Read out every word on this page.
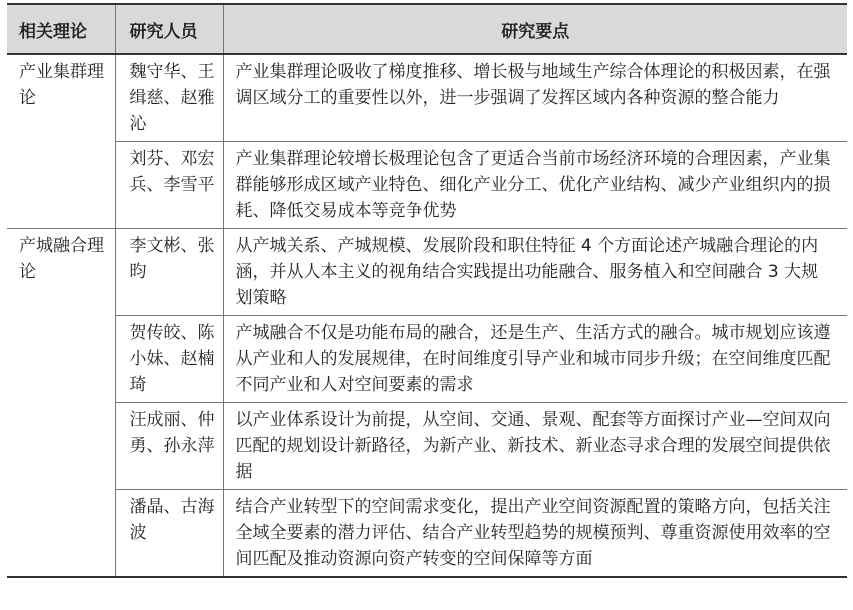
相关理论	研究人员	研究要点
产业集群理论	魏守华、王缉慈、赵雅沁	产业集群理论吸收了梯度推移、增长极与地域生产综合体理论的积极因素，在强调区域分工的重要性以外，进一步强调了发挥区域内各种资源的整合能力
	刘芬、邓宏兵、李雪平	产业集群理论较增长极理论包含了更适合当前市场经济环境的合理因素，产业集群能够形成区域产业特色、细化产业分工、优化产业结构、减少产业组织内的损耗、降低交易成本等竞争优势
产城融合理论	李文彬、张昀	从产城关系、产城规模、发展阶段和职住特征 4 个方面论述产城融合理论的内涵，并从人本主义的视角结合实践提出功能融合、服务植入和空间融合 3 大规划策略
	贺传皎、陈小妹、赵楠琦	产城融合不仅是功能布局的融合，还是生产、生活方式的融合。城市规划应该遵从产业和人的发展规律，在时间维度引导产业和城市同步升级；在空间维度匹配不同产业和人对空间要素的需求
	汪成丽、仲勇、孙永萍	以产业体系设计为前提，从空间、交通、景观、配套等方面探讨产业—空间双向匹配的规划设计新路径，为新产业、新技术、新业态寻求合理的发展空间提供依据
	潘晶、古海波	结合产业转型下的空间需求变化，提出产业空间资源配置的策略方向，包括关注全域全要素的潜力评估、结合产业转型趋势的规模预判、尊重资源使用效率的空间匹配及推动资源向资产转变的空间保障等方面
